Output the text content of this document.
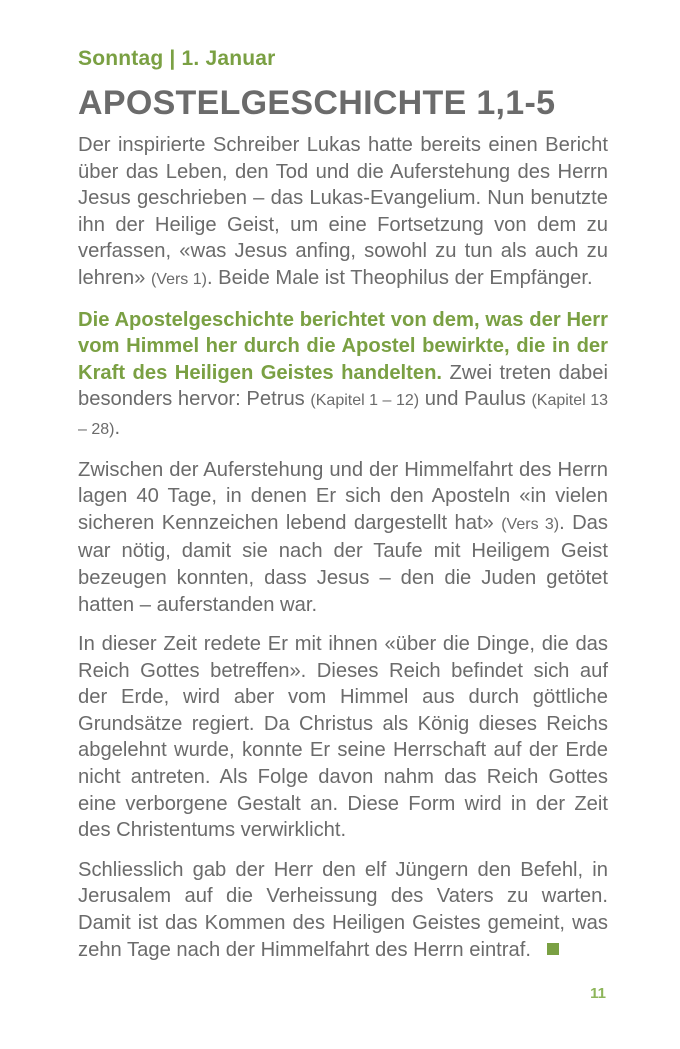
Sonntag | 1. Januar
APOSTELGESCHICHTE 1,1-5

Der inspirierte Schreiber Lukas hatte bereits einen Bericht über das Leben, den Tod und die Auferstehung des Herrn Jesus geschrieben – das Lukas-Evangelium. Nun benutzte ihn der Heilige Geist, um eine Fortsetzung von dem zu verfassen, «was Jesus anfing, sowohl zu tun als auch zu lehren» (Vers 1). Beide Male ist Theophilus der Empfänger.

Die Apostelgeschichte berichtet von dem, was der Herr vom Himmel her durch die Apostel bewirkte, die in der Kraft des Heiligen Geistes handelten. Zwei treten dabei besonders hervor: Petrus (Kapitel 1 – 12) und Paulus (Kapitel 13 – 28).

Zwischen der Auferstehung und der Himmelfahrt des Herrn lagen 40 Tage, in denen Er sich den Aposteln «in vielen sicheren Kennzeichen lebend dargestellt hat» (Vers 3). Das war nötig, damit sie nach der Taufe mit Heiligem Geist bezeugen konnten, dass Jesus – den die Juden getötet hatten – auferstanden war.

In dieser Zeit redete Er mit ihnen «über die Dinge, die das Reich Gottes betreffen». Dieses Reich befindet sich auf der Erde, wird aber vom Himmel aus durch göttliche Grundsätze regiert. Da Christus als König dieses Reichs abgelehnt wurde, konnte Er seine Herrschaft auf der Erde nicht antreten. Als Folge davon nahm das Reich Gottes eine verborgene Gestalt an. Diese Form wird in der Zeit des Christentums verwirklicht.

Schliesslich gab der Herr den elf Jüngern den Befehl, in Jerusalem auf die Verheissung des Vaters zu warten. Damit ist das Kommen des Heiligen Geistes gemeint, was zehn Tage nach der Himmelfahrt des Herrn eintraf.

11
